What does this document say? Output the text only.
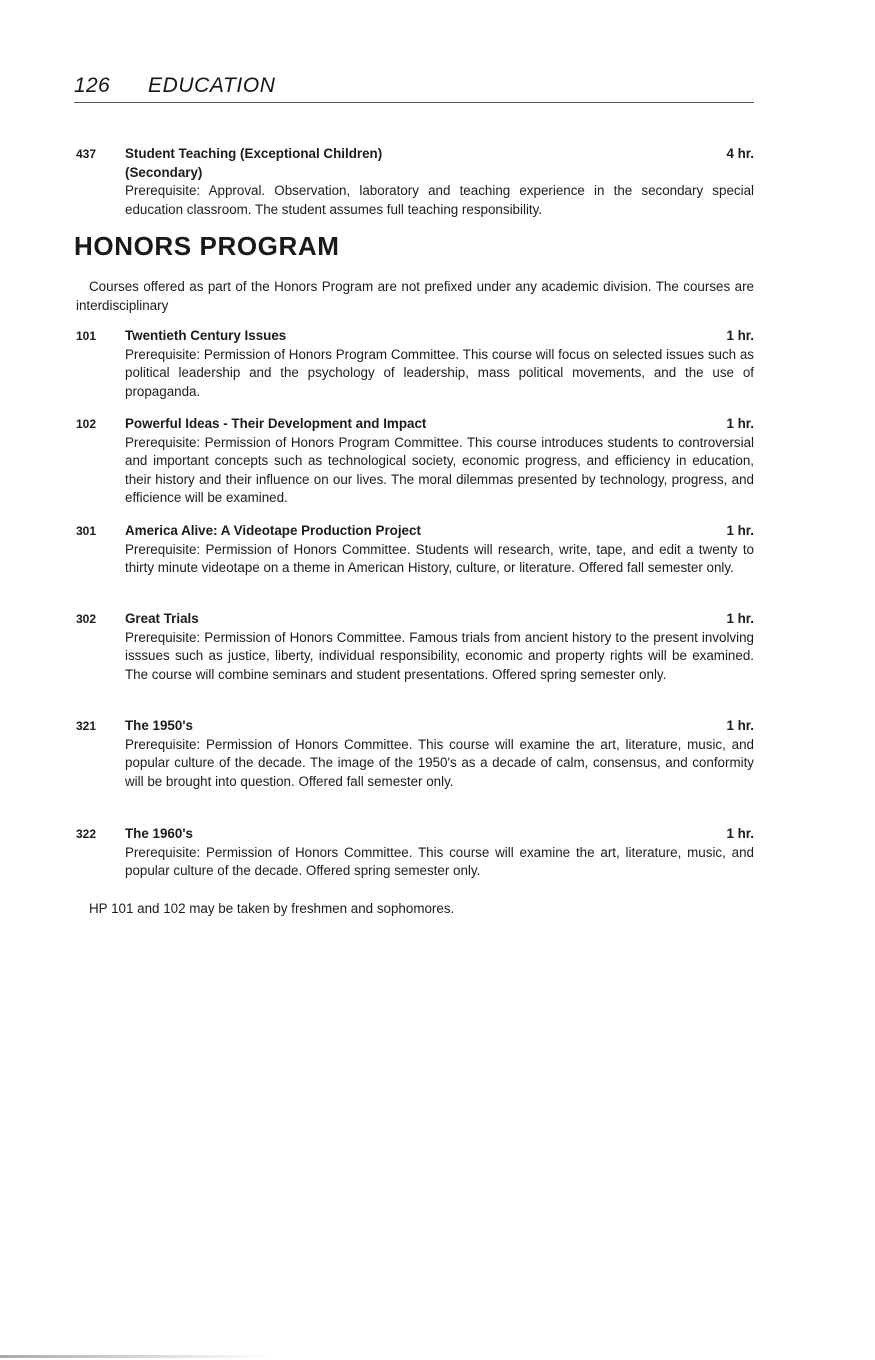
126 EDUCATION
437 Student Teaching (Exceptional Children)	4 hr.
(Secondary)
Prerequisite: Approval. Observation, laboratory and teaching experience in the secondary special education classroom. The student assumes full teaching responsibility.
HONORS PROGRAM
Courses offered as part of the Honors Program are not prefixed under any academic division. The courses are interdisciplinary
101 Twentieth Century Issues	1 hr.
Prerequisite: Permission of Honors Program Committee. This course will focus on selected issues such as political leadership and the psychology of leadership, mass political movements, and the use of propaganda.
102 Powerful Ideas - Their Development and Impact	1 hr.
Prerequisite: Permission of Honors Program Committee. This course introduces students to controversial and important concepts such as technological society, economic progress, and efficiency in education, their history and their influence on our lives. The moral dilemmas presented by technology, progress, and efficience will be examined.
301 America Alive: A Videotape Production Project	1 hr.
Prerequisite: Permission of Honors Committee. Students will research, write, tape, and edit a twenty to thirty minute videotape on a theme in American History, culture, or literature. Offered fall semester only.
302 Great Trials	1 hr.
Prerequisite: Permission of Honors Committee. Famous trials from ancient history to the present involving isssues such as justice, liberty, individual responsibility, economic and property rights will be examined. The course will combine seminars and student presentations. Offered spring semester only.
321 The 1950's	1 hr.
Prerequisite: Permission of Honors Committee. This course will examine the art, literature, music, and popular culture of the decade. The image of the 1950's as a decade of calm, consensus, and conformity will be brought into question. Offered fall semester only.
322 The 1960's	1 hr.
Prerequisite: Permission of Honors Committee. This course will examine the art, literature, music, and popular culture of the decade. Offered spring semester only.
HP 101 and 102 may be taken by freshmen and sophomores.
